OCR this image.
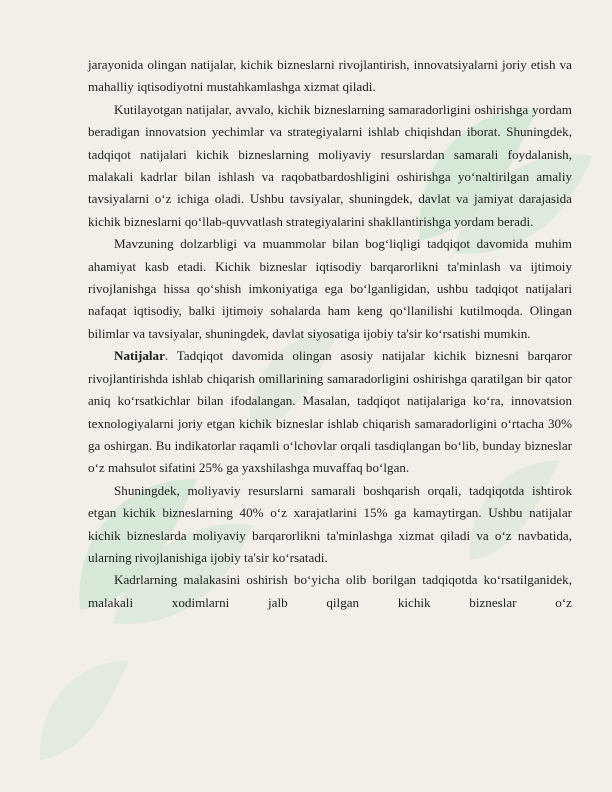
jarayonida olingan natijalar, kichik bizneslarni rivojlantirish, innovatsiyalarni joriy etish va mahalliy iqtisodiyotni mustahkamlashga xizmat qiladi.

Kutilayotgan natijalar, avvalo, kichik bizneslarning samaradorligini oshirishga yordam beradigan innovatsion yechimlar va strategiyalarni ishlab chiqishdan iborat. Shuningdek, tadqiqot natijalari kichik bizneslarning moliyaviy resurslardan samarali foydalanish, malakali kadrlar bilan ishlash va raqobatbardoshligini oshirishga yo‘naltirilgan amaliy tavsiyalarni o‘z ichiga oladi. Ushbu tavsiyalar, shuningdek, davlat va jamiyat darajasida kichik bizneslarni qo‘llab-quvvatlash strategiyalarini shakllantirishga yordam beradi.

Mavzuning dolzarbligi va muammolar bilan bog‘liqligi tadqiqot davomida muhim ahamiyat kasb etadi. Kichik bizneslar iqtisodiy barqarorlikni ta'minlash va ijtimoiy rivojlanishga hissa qo‘shish imkoniyatiga ega bo‘lganligidan, ushbu tadqiqot natijalari nafaqat iqtisodiy, balki ijtimoiy sohalarda ham keng qo‘llanilishi kutilmoqda. Olingan bilimlar va tavsiyalar, shuningdek, davlat siyosatiga ijobiy ta'sir ko‘rsatishi mumkin.

Natijalar. Tadqiqot davomida olingan asosiy natijalar kichik biznesni barqaror rivojlantirishda ishlab chiqarish omillarining samaradorligini oshirishga qaratilgan bir qator aniq ko‘rsatkichlar bilan ifodalangan. Masalan, tadqiqot natijalariga ko‘ra, innovatsion texnologiyalarni joriy etgan kichik bizneslar ishlab chiqarish samaradorligini o‘rtacha 30% ga oshirgan. Bu indikatorlar raqamli o‘lchovlar orqali tasdiqlangan bo‘lib, bunday bizneslar o‘z mahsulot sifatini 25% ga yaxshilashga muvaffaq bo‘lgan.

Shuningdek, moliyaviy resurslarni samarali boshqarish orqali, tadqiqotda ishtirok etgan kichik bizneslarning 40% o‘z xarajatlarini 15% ga kamaytirgan. Ushbu natijalar kichik bizneslarda moliyaviy barqarorlikni ta'minlashga xizmat qiladi va o‘z navbatida, ularning rivojlanishiga ijobiy ta'sir ko‘rsatadi.

Kadrlarning malakasini oshirish bo‘yicha olib borilgan tadqiqotda ko‘rsatilganidek, malakali xodimlarni jalb qilgan kichik bizneslar o‘z
